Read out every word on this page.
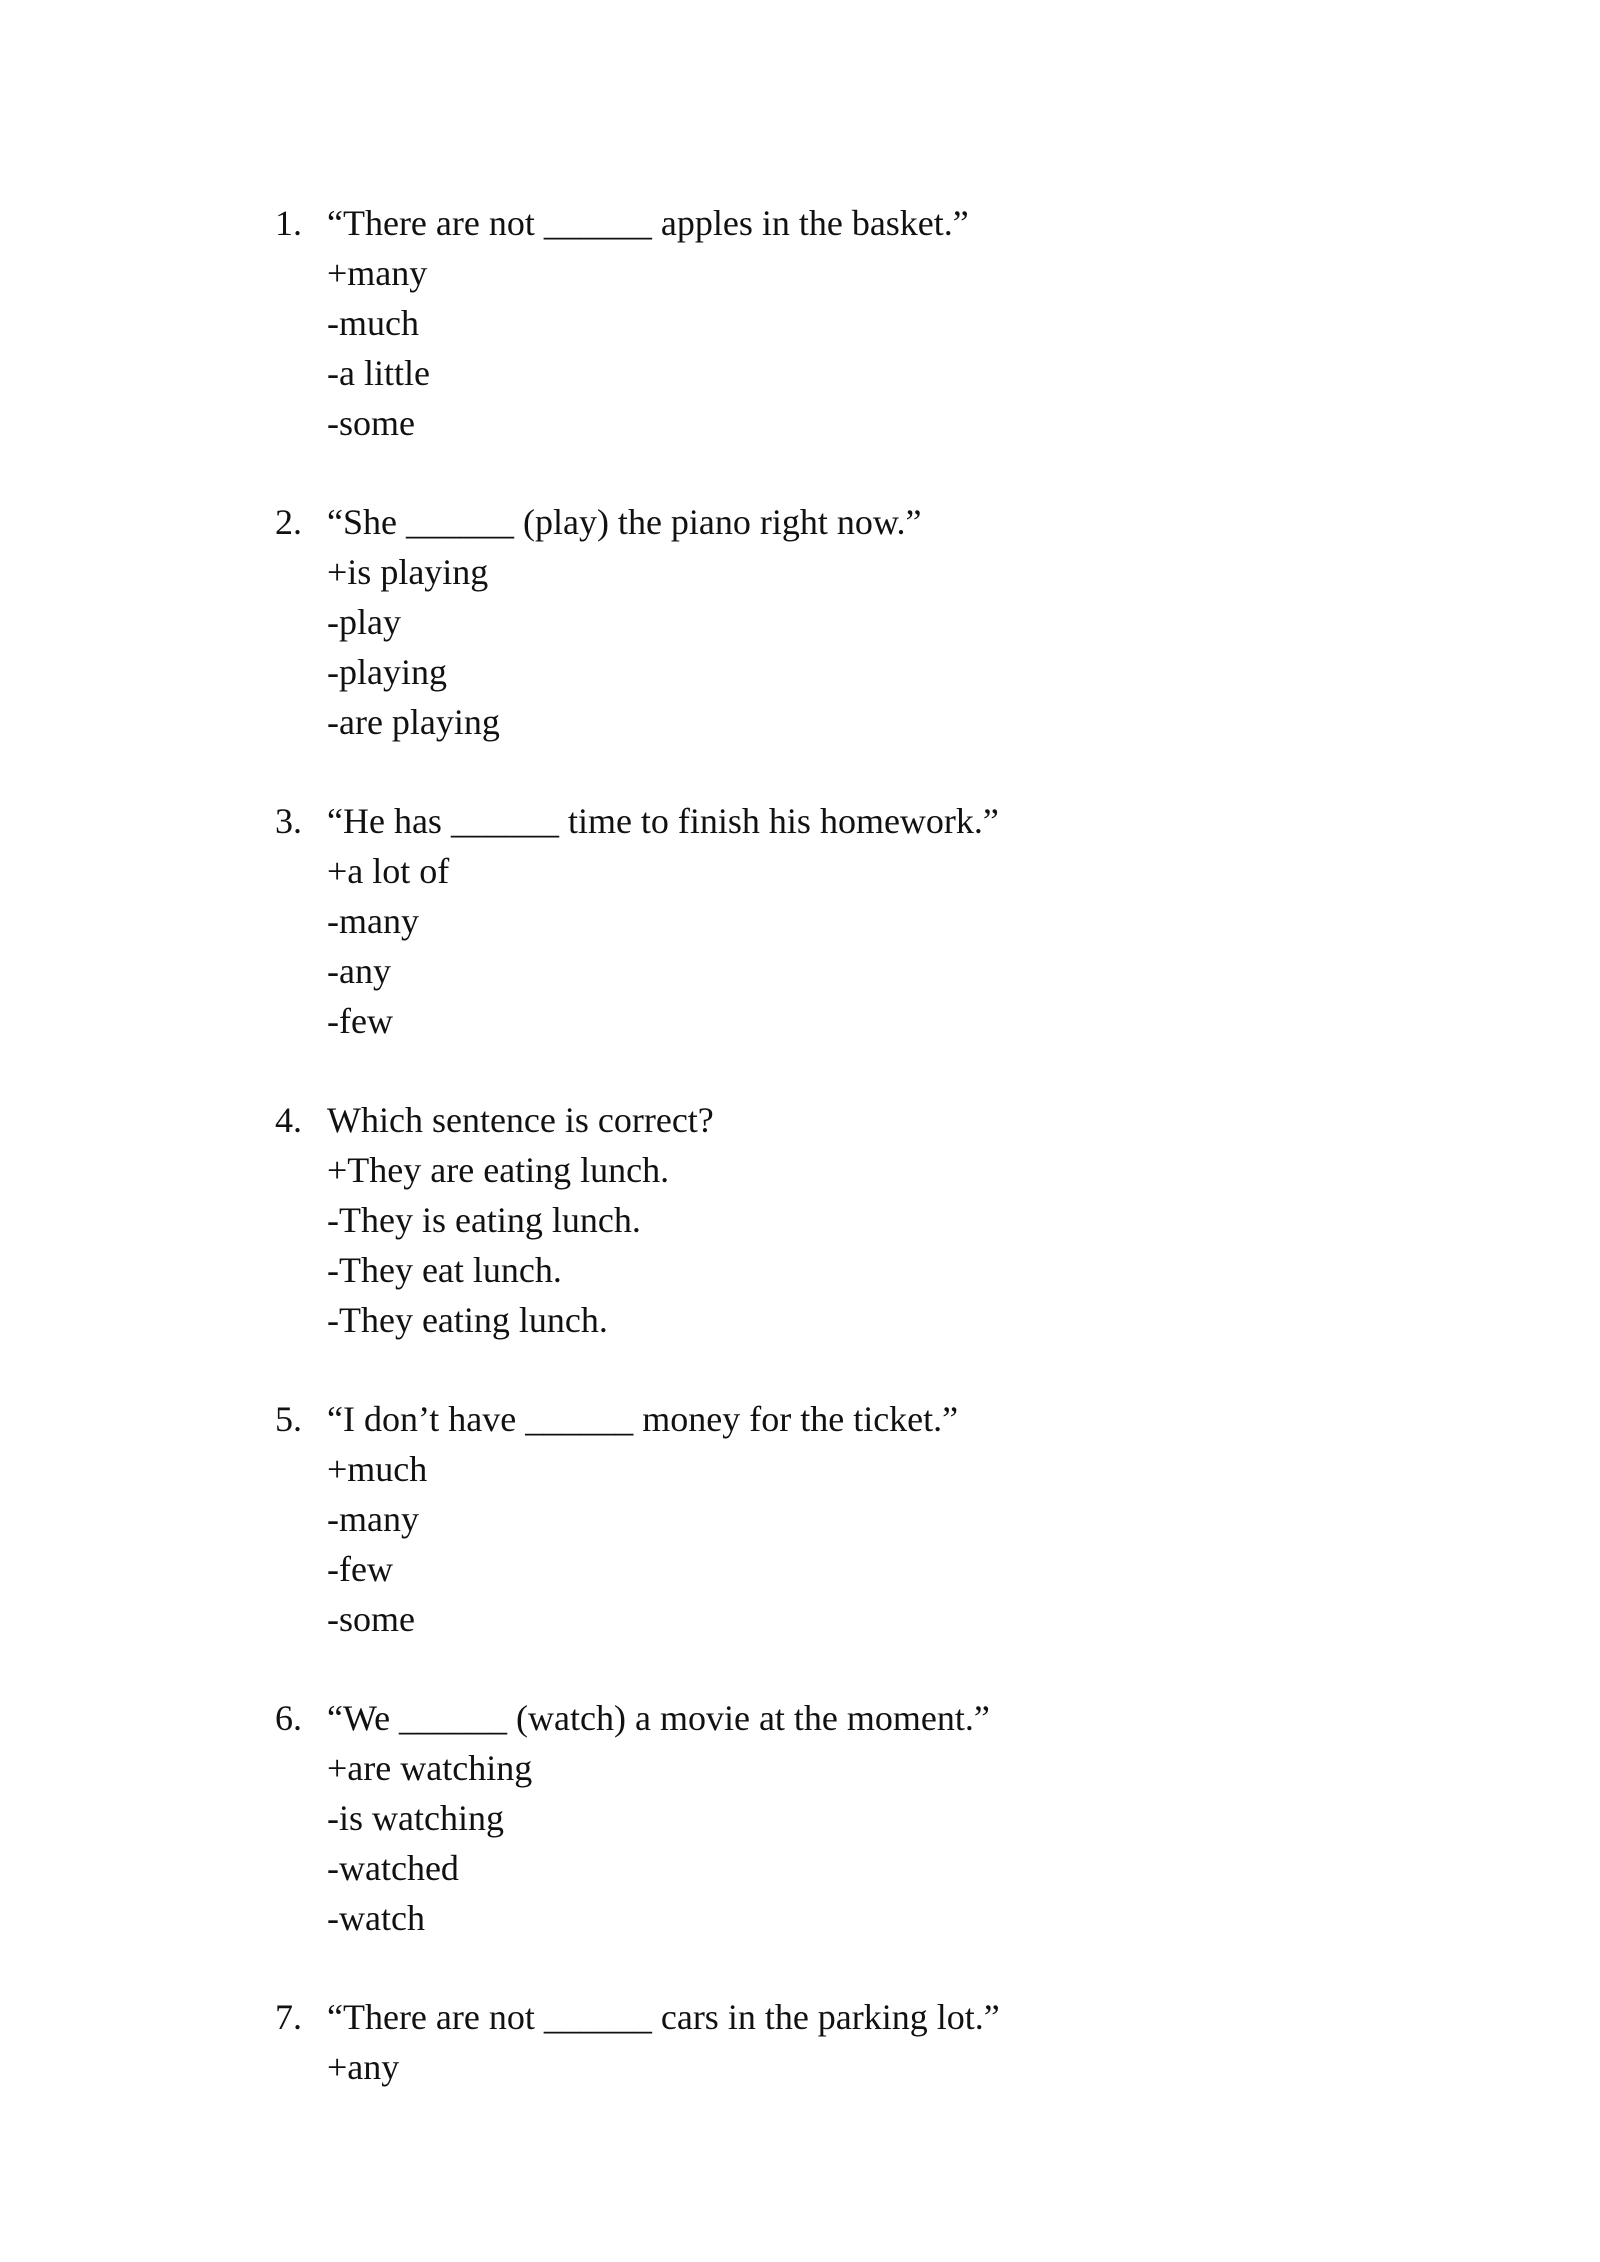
1. “There are not ______ apples in the basket.”
+many
-much
-a little
-some
2. “She ______ (play) the piano right now.”
+is playing
-play
-playing
-are playing
3. “He has ______ time to finish his homework.”
+a lot of
-many
-any
-few
4. Which sentence is correct?
+They are eating lunch.
-They is eating lunch.
-They eat lunch.
-They eating lunch.
5. “I don’t have ______ money for the ticket.”
+much
-many
-few
-some
6. “We ______ (watch) a movie at the moment.”
+are watching
-is watching
-watched
-watch
7. “There are not ______ cars in the parking lot.”
+any
